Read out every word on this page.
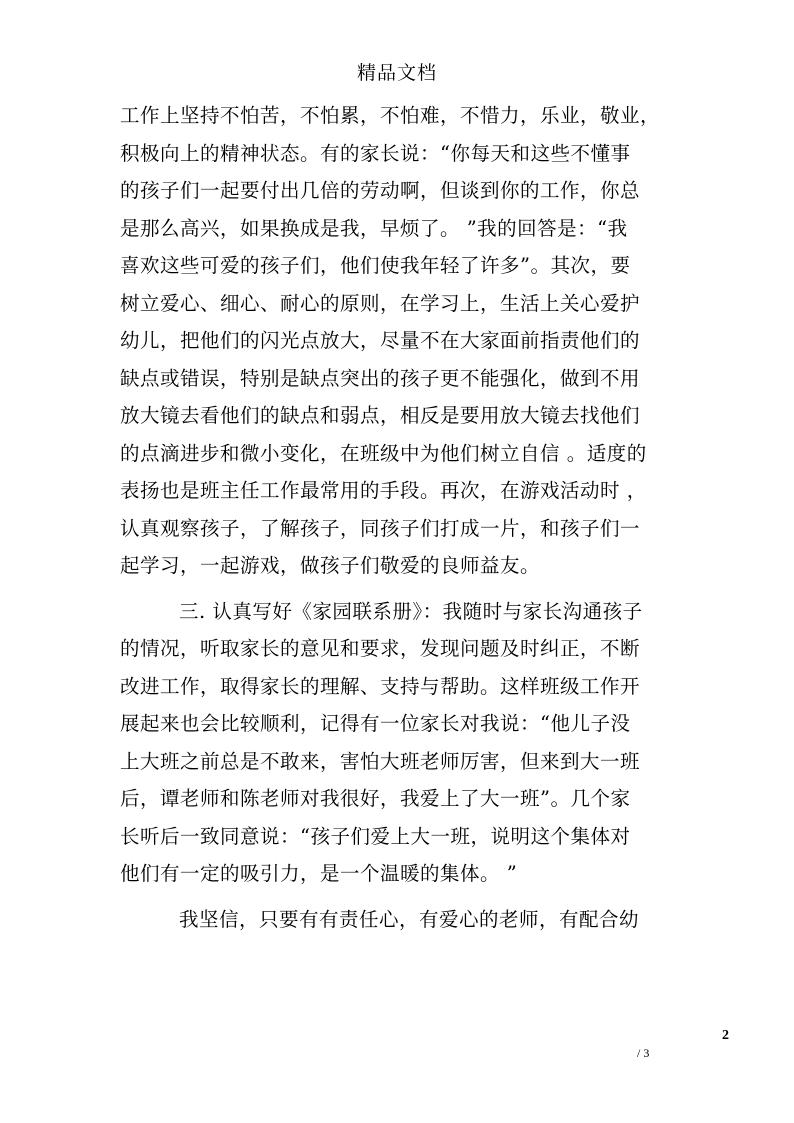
精品文档
工作上坚持不怕苦，不怕累，不怕难，不惜力，乐业，敬业，
积极向上的精神状态。有的家长说：“你每天和这些不懂事
的孩子们一起要付出几倍的劳动啊，但谈到你的工作，你总
是那么高兴，如果换成是我，早烦了。 ”我的回答是：“我
喜欢这些可爱的孩子们，他们使我年轻了许多”。其次，要
树立爱心、细心、耐心的原则，在学习上，生活上关心爱护
幼儿，把他们的闪光点放大，尽量不在大家面前指责他们的
缺点或错误，特别是缺点突出的孩子更不能强化，做到不用
放大镜去看他们的缺点和弱点，相反是要用放大镜去找他们
的点滴进步和微小变化，在班级中为他们树立自信 。适度的
表扬也是班主任工作最常用的手段。再次，在游戏活动时 ，
认真观察孩子，了解孩子，同孩子们打成一片，和孩子们一
起学习，一起游戏，做孩子们敬爱的良师益友。
三. 认真写好《家园联系册》：我随时与家长沟通孩子
的情况，听取家长的意见和要求，发现问题及时纠正，不断
改进工作，取得家长的理解、支持与帮助。这样班级工作开
展起来也会比较顺利，记得有一位家长对我说：“他儿子没
上大班之前总是不敢来，害怕大班老师厉害，但来到大一班
后，谭老师和陈老师对我很好，我爱上了大一班”。几个家
长听后一致同意说：“孩子们爱上大一班，说明这个集体对
他们有一定的吸引力，是一个温暖的集体。 ”
我坚信，只要有有责任心，有爱心的老师，有配合幼
2
/ 3
